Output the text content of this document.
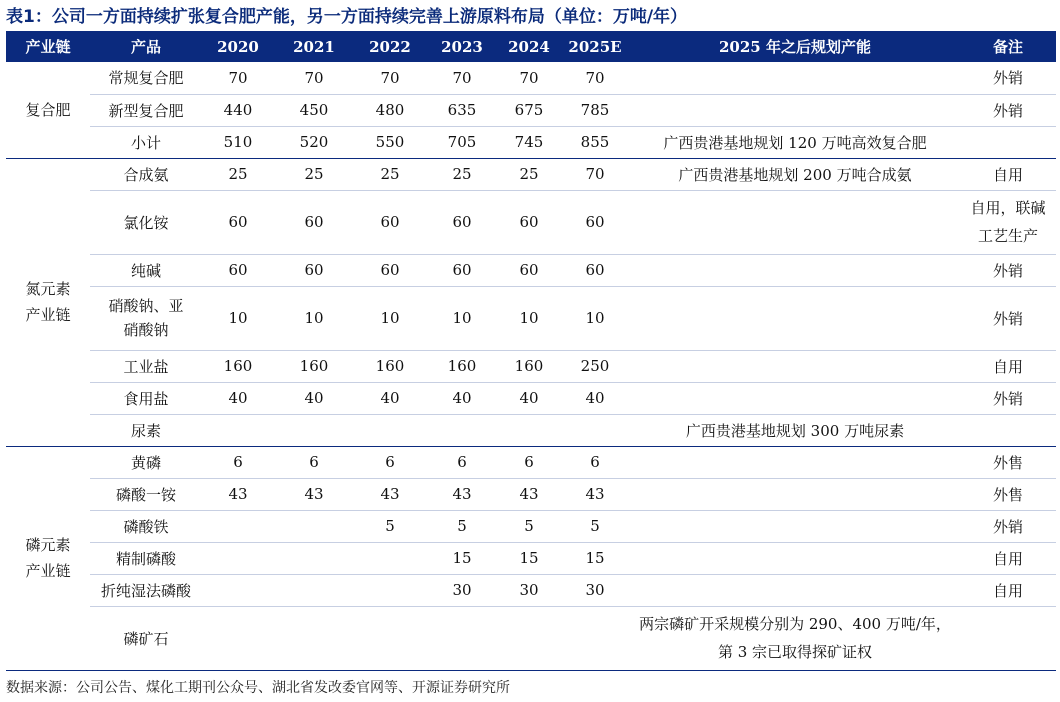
表1：公司一方面持续扩张复合肥产能，另一方面持续完善上游原料布局（单位：万吨/年）
产业链	产品	2020	2021	2022	2023	2024	2025E	2025 年之后规划产能	备注
复合肥	常规复合肥	70	70	70	70	70	70		外销
	新型复合肥	440	450	480	635	675	785		外销
	小计	510	520	550	705	745	855	广西贵港基地规划 120 万吨高效复合肥	
氮元素产业链	合成氨	25	25	25	25	25	70	广西贵港基地规划 200 万吨合成氨	自用
	氯化铵	60	60	60	60	60	60		自用，联碱工艺生产
	纯碱	60	60	60	60	60	60		外销
	硝酸钠、亚硝酸钠	10	10	10	10	10	10		外销
	工业盐	160	160	160	160	160	250		自用
	食用盐	40	40	40	40	40	40		外销
	尿素							广西贵港基地规划 300 万吨尿素	
磷元素产业链	黄磷	6	6	6	6	6	6		外售
	磷酸一铵	43	43	43	43	43	43		外售
	磷酸铁			5	5	5	5		外销
	精制磷酸				15	15	15		自用
	折纯湿法磷酸				30	30	30		自用
	磷矿石							两宗磷矿开采规模分别为 290、400 万吨/年，第 3 宗已取得探矿证权	
数据来源：公司公告、煤化工期刊公众号、湖北省发改委官网等、开源证券研究所
